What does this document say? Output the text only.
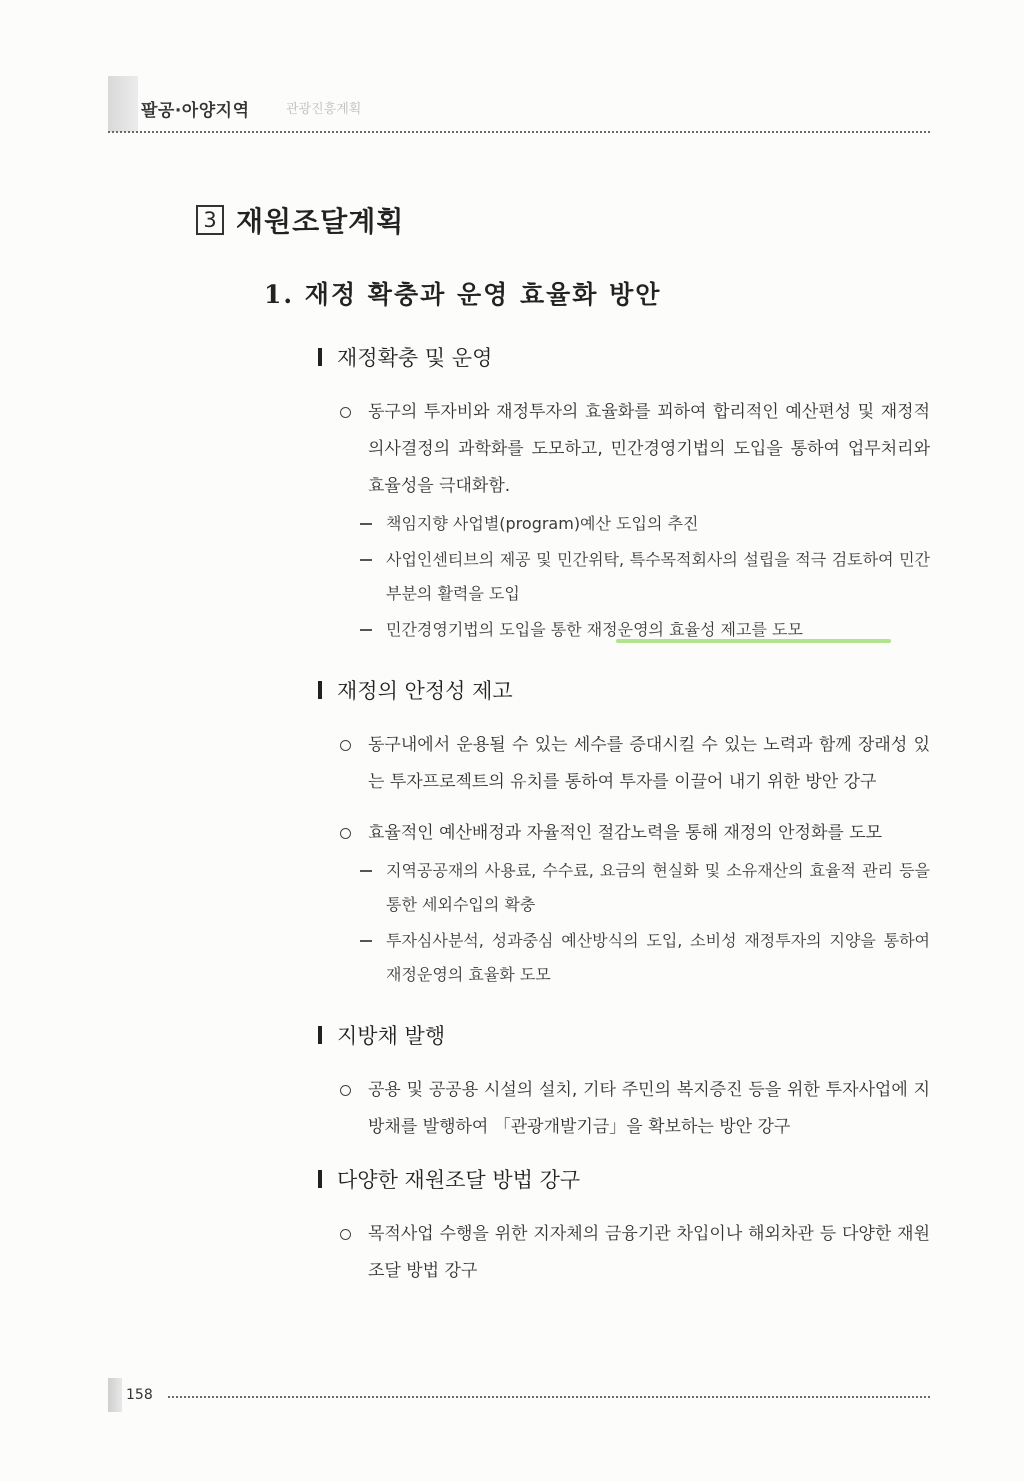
팔공·아양지역	관광진흥계획
3 재원조달계획
1. 재정 확충과 운영 효율화 방안
재정확충 및 운영
동구의 투자비와 재정투자의 효율화를 꾀하여 합리적인 예산편성 및 재정적 의사결정의 과학화를 도모하고, 민간경영기법의 도입을 통하여 업무처리와 효율성을 극대화함.
책임지향 사업별(program)예산 도입의 추진
사업인센티브의 제공 및 민간위탁, 특수목적회사의 설립을 적극 검토하여 민간부분의 활력을 도입
민간경영기법의 도입을 통한 재정운영의 효율성 제고를 도모
재정의 안정성 제고
동구내에서 운용될 수 있는 세수를 증대시킬 수 있는 노력과 함께 장래성 있는 투자프로젝트의 유치를 통하여 투자를 이끌어 내기 위한 방안 강구
효율적인 예산배정과 자율적인 절감노력을 통해 재정의 안정화를 도모
지역공공재의 사용료, 수수료, 요금의 현실화 및 소유재산의 효율적 관리 등을 통한 세외수입의 확충
투자심사분석, 성과중심 예산방식의 도입, 소비성 재정투자의 지양을 통하여 재정운영의 효율화 도모
지방채 발행
공용 및 공공용 시설의 설치, 기타 주민의 복지증진 등을 위한 투자사업에 지방채를 발행하여 「관광개발기금」을 확보하는 방안 강구
다양한 재원조달 방법 강구
목적사업 수행을 위한 지자체의 금융기관 차입이나 해외차관 등 다양한 재원조달 방법 강구
158
